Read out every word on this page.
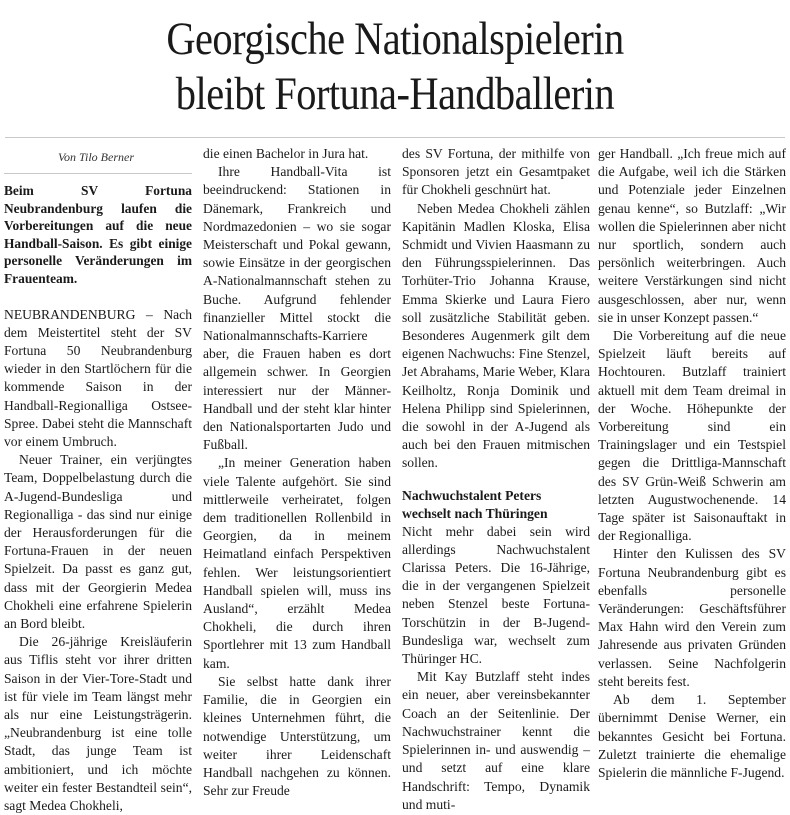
Georgische Nationalspielerin
bleibt Fortuna-Handballerin
Von Tilo Berner

Beim SV Fortuna Neubrandenburg laufen die Vorbereitungen auf die neue Handball-Saison. Es gibt einige personelle Veränderungen im Frauenteam.

NEUBRANDENBURG – Nach dem Meistertitel steht der SV Fortuna 50 Neubrandenburg wieder in den Startlöchern für die kommende Saison in der Handball-Regionalliga Ostsee-Spree. Dabei steht die Mannschaft vor einem Umbruch.

Neuer Trainer, ein verjüngtes Team, Doppelbelastung durch die A-Jugend-Bundesliga und Regionalliga - das sind nur einige der Herausforderungen für die Fortuna-Frauen in der neuen Spielzeit. Da passt es ganz gut, dass mit der Georgierin Medea Chokheli eine erfahrene Spielerin an Bord bleibt.

Die 26-jährige Kreisläuferin aus Tiflis steht vor ihrer dritten Saison in der Vier-Tore-Stadt und ist für viele im Team längst mehr als nur eine Leistungsträgerin. „Neubrandenburg ist eine tolle Stadt, das junge Team ist ambitioniert, und ich möchte weiter ein fester Bestandteil sein“, sagt Medea Chokheli,

die einen Bachelor in Jura hat.

Ihre Handball-Vita ist beeindruckend: Stationen in Dänemark, Frankreich und Nordmazedonien – wo sie sogar Meisterschaft und Pokal gewann, sowie Einsätze in der georgischen A-Nationalmannschaft stehen zu Buche. Aufgrund fehlender finanzieller Mittel stockt die Nationalmannschafts-Karriere aber, die Frauen haben es dort allgemein schwer. In Georgien interessiert nur der Männer-Handball und der steht klar hinter den Nationalsportarten Judo und Fußball.

„In meiner Generation haben viele Talente aufgehört. Sie sind mittlerweile verheiratet, folgen dem traditionellen Rollenbild in Georgien, da in meinem Heimatland einfach Perspektiven fehlen. Wer leistungsorientiert Handball spielen will, muss ins Ausland“, erzählt Medea Chokheli, die durch ihren Sportlehrer mit 13 zum Handball kam.

Sie selbst hatte dank ihrer Familie, die in Georgien ein kleines Unternehmen führt, die notwendige Unterstützung, um weiter ihrer Leidenschaft Handball nachgehen zu können. Sehr zur Freude

des SV Fortuna, der mithilfe von Sponsoren jetzt ein Gesamtpaket für Chokheli geschnürt hat.

Neben Medea Chokheli zählen Kapitänin Madlen Kloska, Elisa Schmidt und Vivien Haasmann zu den Führungsspielerinnen. Das Torhüter-Trio Johanna Krause, Emma Skierke und Laura Fiero soll zusätzliche Stabilität geben. Besonderes Augenmerk gilt dem eigenen Nachwuchs: Fine Stenzel, Jet Abrahams, Marie Weber, Klara Keilholtz, Ronja Dominik und Helena Philipp sind Spielerinnen, die sowohl in der A-Jugend als auch bei den Frauen mitmischen sollen.

Nachwuchstalent Peters wechselt nach Thüringen

Nicht mehr dabei sein wird allerdings Nachwuchstalent Clarissa Peters. Die 16-Jährige, die in der vergangenen Spielzeit neben Stenzel beste Fortuna-Torschützin in der B-Jugend-Bundesliga war, wechselt zum Thüringer HC.

Mit Kay Butzlaff steht indes ein neuer, aber vereinsbekannter Coach an der Seitenlinie. Der Nachwuchstrainer kennt die Spielerinnen in- und auswendig – und setzt auf eine klare Handschrift: Tempo, Dynamik und muti-

ger Handball. „Ich freue mich auf die Aufgabe, weil ich die Stärken und Potenziale jeder Einzelnen genau kenne“, so Butzlaff: „Wir wollen die Spielerinnen aber nicht nur sportlich, sondern auch persönlich weiterbringen. Auch weitere Verstärkungen sind nicht ausgeschlossen, aber nur, wenn sie in unser Konzept passen.“

Die Vorbereitung auf die neue Spielzeit läuft bereits auf Hochtouren. Butzlaff trainiert aktuell mit dem Team dreimal in der Woche. Höhepunkte der Vorbereitung sind ein Trainingslager und ein Testspiel gegen die Drittliga-Mannschaft des SV Grün-Weiß Schwerin am letzten Augustwochenende. 14 Tage später ist Saisonauftakt in der Regionalliga.

Hinter den Kulissen des SV Fortuna Neubrandenburg gibt es ebenfalls personelle Veränderungen: Geschäftsführer Max Hahn wird den Verein zum Jahresende aus privaten Gründen verlassen. Seine Nachfolgerin steht bereits fest.

Ab dem 1. September übernimmt Denise Werner, ein bekanntes Gesicht bei Fortuna. Zuletzt trainierte die ehemalige Spielerin die männliche F-Jugend.
